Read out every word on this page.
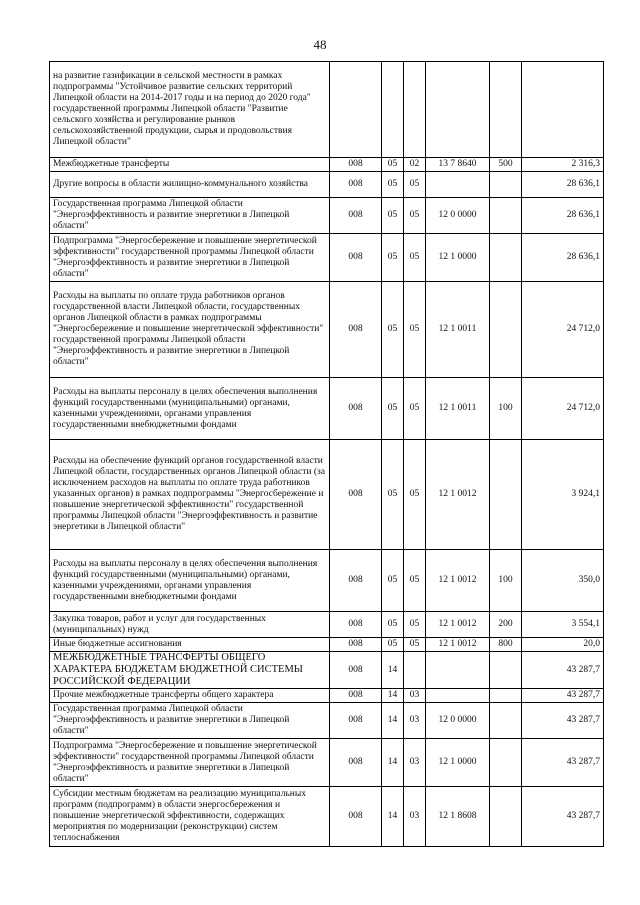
48
на развитие газификации в сельской местности в рамках подпрограммы "Устойчивое развитие сельских территорий Липецкой области на 2014-2017 годы и на период до 2020 года" государственной программы Липецкой области "Развитие сельского хозяйства и регулирование рынков сельскохозяйственной продукции, сырья и продовольствия Липецкой области"						
Межбюджетные трансферты	008	05	02	13 7 8640	500	2 316,3
Другие вопросы в области жилищно-коммунального хозяйства	008	05	05			28 636,1
Государственная программа Липецкой области "Энергоэффективность и развитие энергетики в Липецкой области"	008	05	05	12 0 0000		28 636,1
Подпрограмма "Энергосбережение и повышение энергетической эффективности" государственной программы Липецкой области "Энергоэффективность и развитие энергетики в Липецкой области"	008	05	05	12 1 0000		28 636,1
Расходы на выплаты по оплате труда работников органов государственной власти Липецкой области, государственных органов Липецкой области в рамках подпрограммы "Энергосбережение и повышение энергетической эффективности" государственной программы Липецкой области "Энергоэффективность и развитие энергетики в Липецкой области"	008	05	05	12 1 0011		24 712,0
Расходы на выплаты персоналу в целях обеспечения выполнения функций государственными (муниципальными) органами, казенными учреждениями, органами управления государственными внебюджетными фондами	008	05	05	12 1 0011	100	24 712,0
Расходы на обеспечение функций органов государственной власти Липецкой области, государственных органов Липецкой области (за исключением расходов на выплаты по оплате труда работников указанных органов) в рамках подпрограммы "Энергосбережение и повышение энергетической эффективности" государственной программы Липецкой области "Энергоэффективность и развитие энергетики в Липецкой области"	008	05	05	12 1 0012		3 924,1
Расходы на выплаты персоналу в целях обеспечения выполнения функций государственными (муниципальными) органами, казенными учреждениями, органами управления государственными внебюджетными фондами	008	05	05	12 1 0012	100	350,0
Закупка товаров, работ и услуг для государственных (муниципальных) нужд	008	05	05	12 1 0012	200	3 554,1
Иные бюджетные ассигнования	008	05	05	12 1 0012	800	20,0
МЕЖБЮДЖЕТНЫЕ ТРАНСФЕРТЫ ОБЩЕГО ХАРАКТЕРА БЮДЖЕТАМ БЮДЖЕТНОЙ СИСТЕМЫ РОССИЙСКОЙ ФЕДЕРАЦИИ	008	14				43 287,7
Прочие межбюджетные трансферты общего характера	008	14	03			43 287,7
Государственная программа Липецкой области "Энергоэффективность и развитие энергетики в Липецкой области"	008	14	03	12 0 0000		43 287,7
Подпрограмма "Энергосбережение и повышение энергетической эффективности" государственной программы Липецкой области "Энергоэффективность и развитие энергетики в Липецкой области"	008	14	03	12 1 0000		43 287,7
Субсидии местным бюджетам на реализацию муниципальных программ (подпрограмм) в области энергосбережения и повышение энергетической эффективности, содержащих мероприятия по модернизации (реконструкции) систем теплоснабжения	008	14	03	12 1 8608		43 287,7
